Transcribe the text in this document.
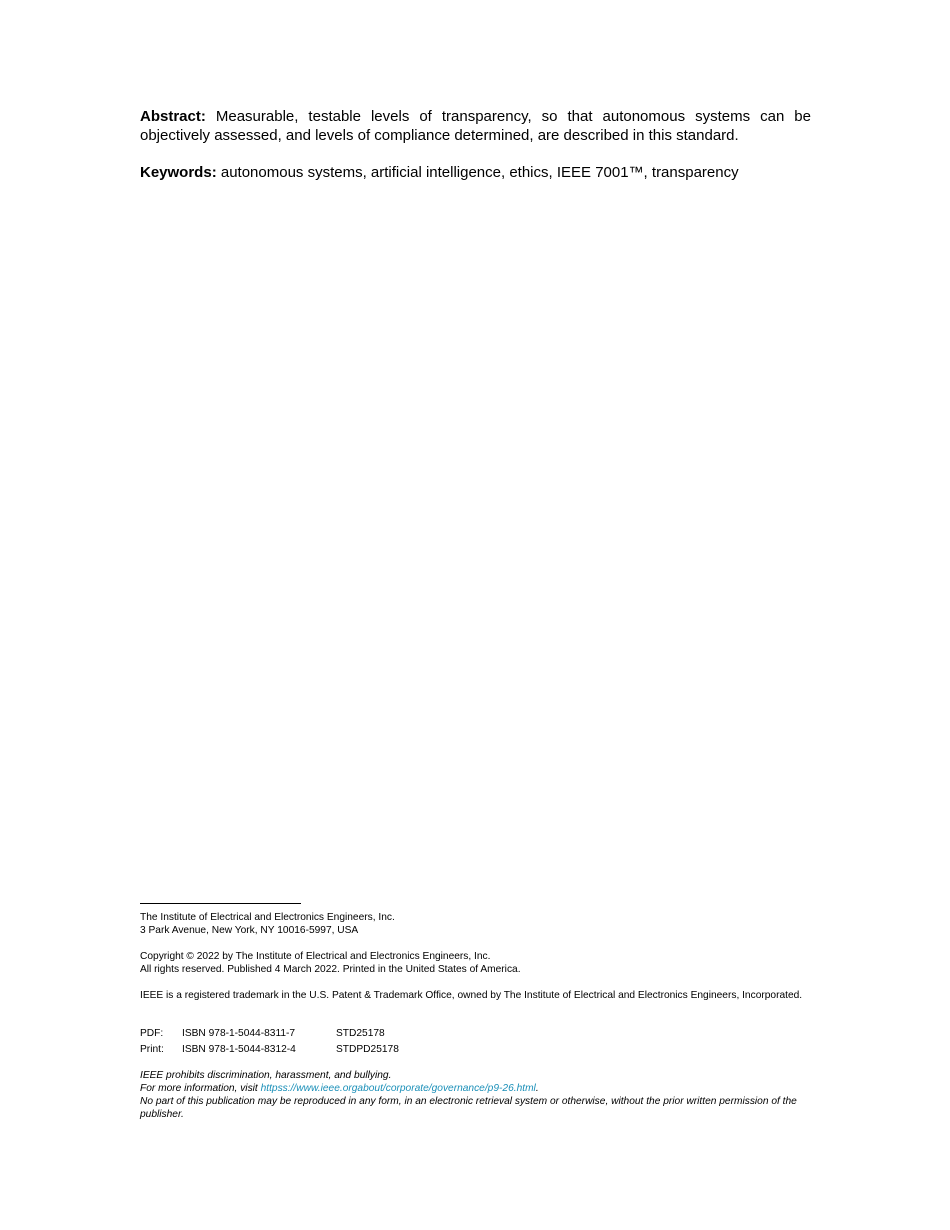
Abstract: Measurable, testable levels of transparency, so that autonomous systems can be objectively assessed, and levels of compliance determined, are described in this standard.

Keywords: autonomous systems, artificial intelligence, ethics, IEEE 7001™, transparency

The Institute of Electrical and Electronics Engineers, Inc.

3 Park Avenue, New York, NY 10016-5997, USA

Copyright © 2022 by The Institute of Electrical and Electronics Engineers, Inc.

All rights reserved. Published 4 March 2022. Printed in the United States of America.

IEEE is a registered trademark in the U.S. Patent & Trademark Office, owned by The Institute of Electrical and Electronics Engineers, Incorporated.

PDF: ISBN 978-1-5044-8311-7	STD25178
Print: ISBN 978-1-5044-8312-4	STDPD25178

IEEE prohibits discrimination, harassment, and bullying.

For more information, visit httpss://www.ieee.orgabout/corporate/governance/p9-26.html.

No part of this publication may be reproduced in any form, in an electronic retrieval system or otherwise, without the prior written permission of the publisher.
